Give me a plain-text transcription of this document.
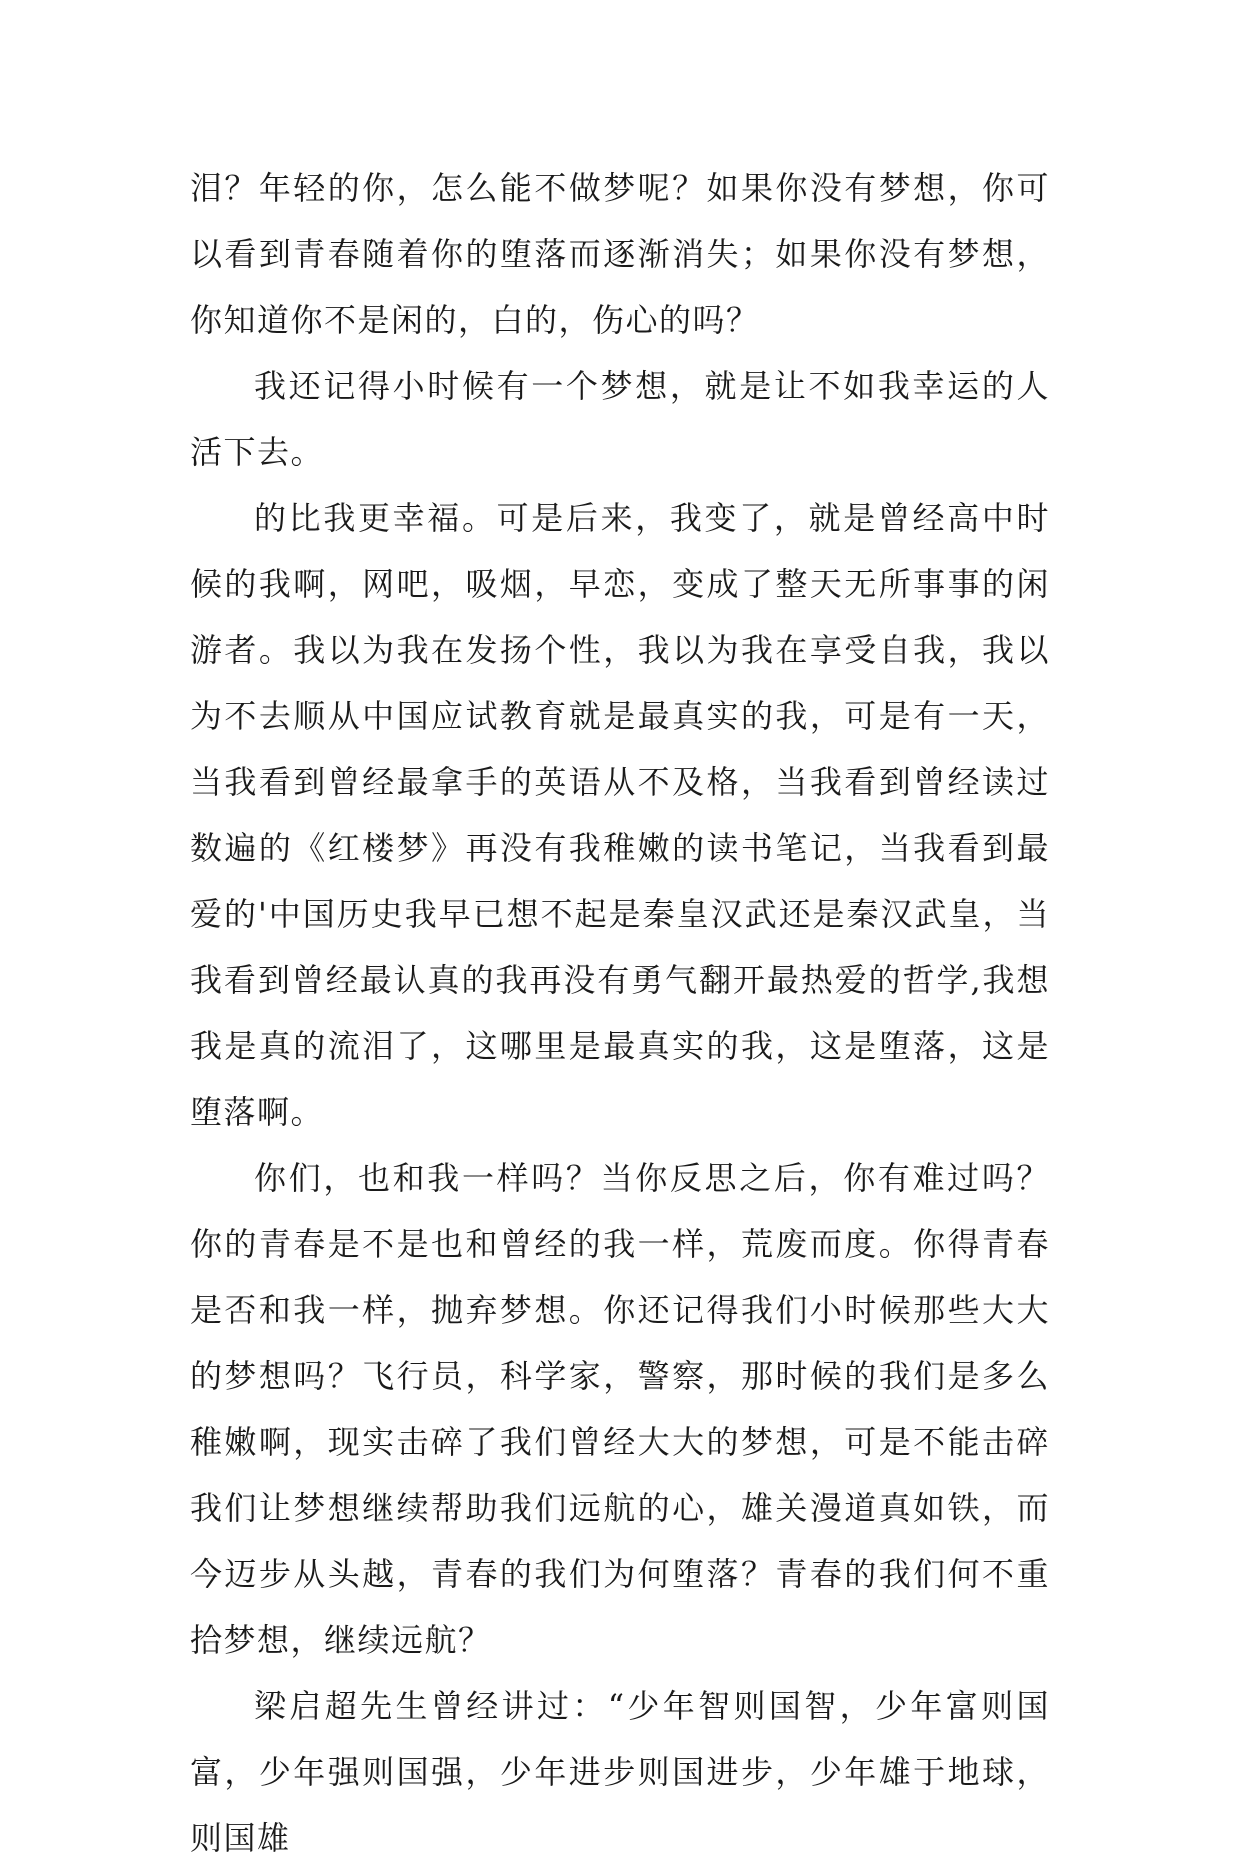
泪？年轻的你，怎么能不做梦呢？如果你没有梦想，你可以看到青春随着你的堕落而逐渐消失；如果你没有梦想，你知道你不是闲的，白的，伤心的吗？

我还记得小时候有一个梦想，就是让不如我幸运的人活下去。

的比我更幸福。可是后来，我变了，就是曾经高中时候的我啊，网吧，吸烟，早恋，变成了整天无所事事的闲游者。我以为我在发扬个性，我以为我在享受自我，我以为不去顺从中国应试教育就是最真实的我，可是有一天，当我看到曾经最拿手的英语从不及格，当我看到曾经读过数遍的《红楼梦》再没有我稚嫩的读书笔记，当我看到最爱的'中国历史我早已想不起是秦皇汉武还是秦汉武皇，当我看到曾经最认真的我再没有勇气翻开最热爱的哲学,我想我是真的流泪了，这哪里是最真实的我，这是堕落，这是堕落啊。

你们，也和我一样吗？当你反思之后，你有难过吗？你的青春是不是也和曾经的我一样，荒废而度。你得青春是否和我一样，抛弃梦想。你还记得我们小时候那些大大的梦想吗？飞行员，科学家，警察，那时候的我们是多么稚嫩啊，现实击碎了我们曾经大大的梦想，可是不能击碎我们让梦想继续帮助我们远航的心，雄关漫道真如铁，而今迈步从头越，青春的我们为何堕落？青春的我们何不重拾梦想，继续远航？

梁启超先生曾经讲过：“少年智则国智，少年富则国富，少年强则国强，少年进步则国进步，少年雄于地球，则国雄
